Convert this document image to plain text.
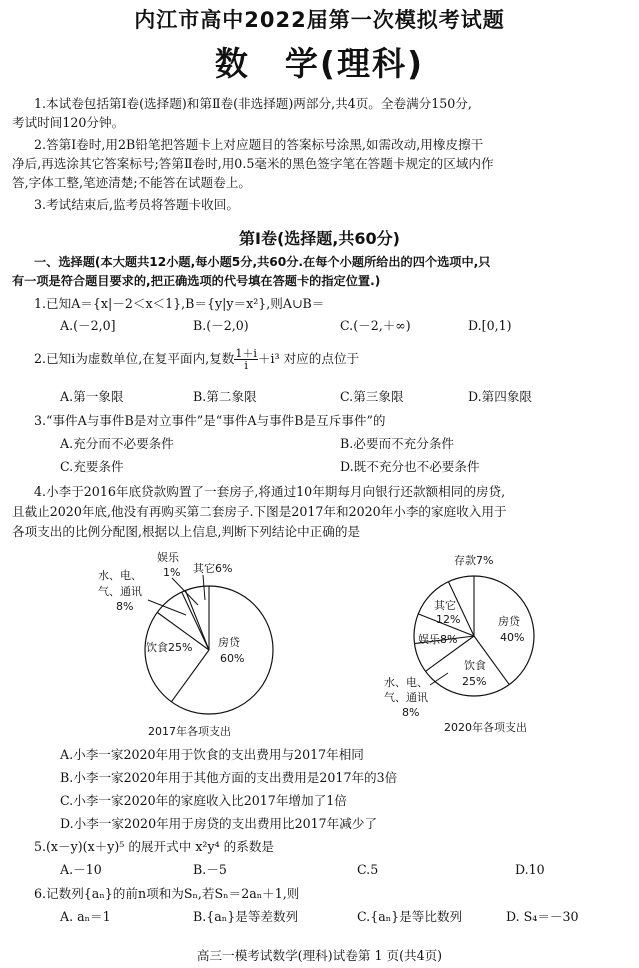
内江市高中2022届第一次模拟考试题
数　学(理科)
1.本试卷包括第Ⅰ卷(选择题)和第Ⅱ卷(非选择题)两部分,共4页。全卷满分150分,
考试时间120分钟。
2.答第Ⅰ卷时,用2B铅笔把答题卡上对应题目的答案标号涂黑,如需改动,用橡皮擦干
净后,再选涂其它答案标号;答第Ⅱ卷时,用0.5毫米的黑色签字笔在答题卡规定的区域内作
答,字体工整,笔迹清楚;不能答在试题卷上。
3.考试结束后,监考员将答题卡收回。
第Ⅰ卷(选择题,共60分)
一、选择题(本大题共12小题,每小题5分,共60分.在每个小题所给出的四个选项中,只
有一项是符合题目要求的,把正确选项的代号填在答题卡的指定位置.)
1.已知A＝{x|－2＜x＜1},B＝{y|y＝x²},则A∪B＝
A.(－2,0]	B.(－2,0)	C.(－2,＋∞)	D.[0,1)
2.已知i为虚数单位,在复平面内,复数 $\frac{1+i}{i} +i^3$ 对应的点位于
A.第一象限	B.第二象限	C.第三象限	D.第四象限
3.“事件A与事件B是对立事件”是“事件A与事件B是互斥事件”的
A.充分而不必要条件	B.必要而不充分条件
C.充要条件	D.既不充分也不必要条件
4.小李于2016年底贷款购置了一套房子,将通过10年期每月向银行还款额相同的房贷,
且截止2020年底,他没有再购买第二套房子.下图是2017年和2020年小李的家庭收入用于
各项支出的比例分配图,根据以上信息,判断下列结论中正确的是
房贷
60%
饮食25%
水、电、
气、通讯
8%
娱乐
1% 其它6%
2017年各项支出
存款7%
其它
12%	房贷
40%
娱乐8%
饮食
25%
水、电、
气、通讯
8%
2020年各项支出
A.小李一家2020年用于饮食的支出费用与2017年相同
B.小李一家2020年用于其他方面的支出费用是2017年的3倍
C.小李一家2020年的家庭收入比2017年增加了1倍
D.小李一家2020年用于房贷的支出费用比2017年减少了
5.(x－y)(x＋y)⁵ 的展开式中 x²y⁴ 的系数是
A.－10	B.－5	C.5	D.10
6.记数列{aₙ}的前n项和为Sₙ,若Sₙ＝2aₙ＋1,则
A. aₙ＝1	B.{aₙ}是等差数列	C.{aₙ}是等比数列	D. S₄＝－30
高三一模考试数学(理科)试卷第 1 页(共4页)
